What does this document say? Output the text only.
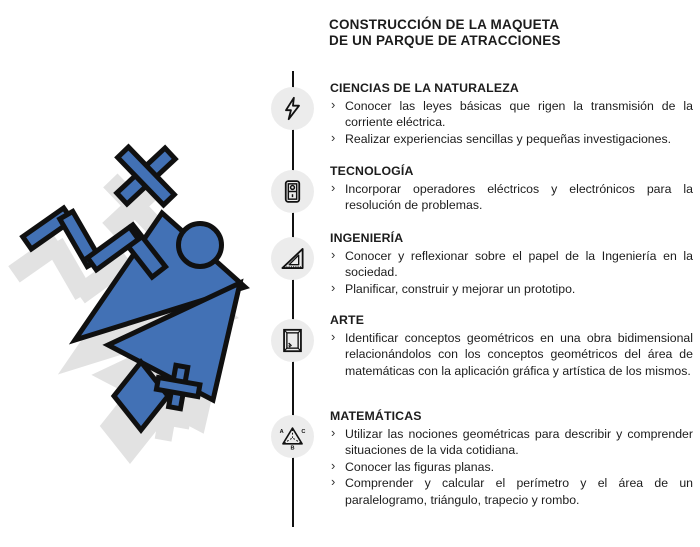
CONSTRUCCIÓN DE LA MAQUETA
DE UN PARQUE DE ATRACCIONES
CIENCIAS DE LA NATURALEZA
› Conocer las leyes básicas que rigen la transmisión de la corriente eléctrica.
› Realizar experiencias sencillas y pequeñas investigaciones.
TECNOLOGÍA
› Incorporar operadores eléctricos y electrónicos para la resolución de problemas.
INGENIERÍA
› Conocer y reflexionar sobre el papel de la Ingeniería en la sociedad.
› Planificar, construir y mejorar un prototipo.
ARTE
› Identificar conceptos geométricos en una obra bidimensional relacionándolos con los conceptos geométricos del área de matemáticas con la aplicación gráfica y artística de los mismos.
MATEMÁTICAS
› Utilizar las nociones geométricas para describir y comprender situaciones de la vida cotidiana.
› Conocer las figuras planas.
› Comprender y calcular el perímetro y el área de un paralelogramo, triángulo, trapecio y rombo.
